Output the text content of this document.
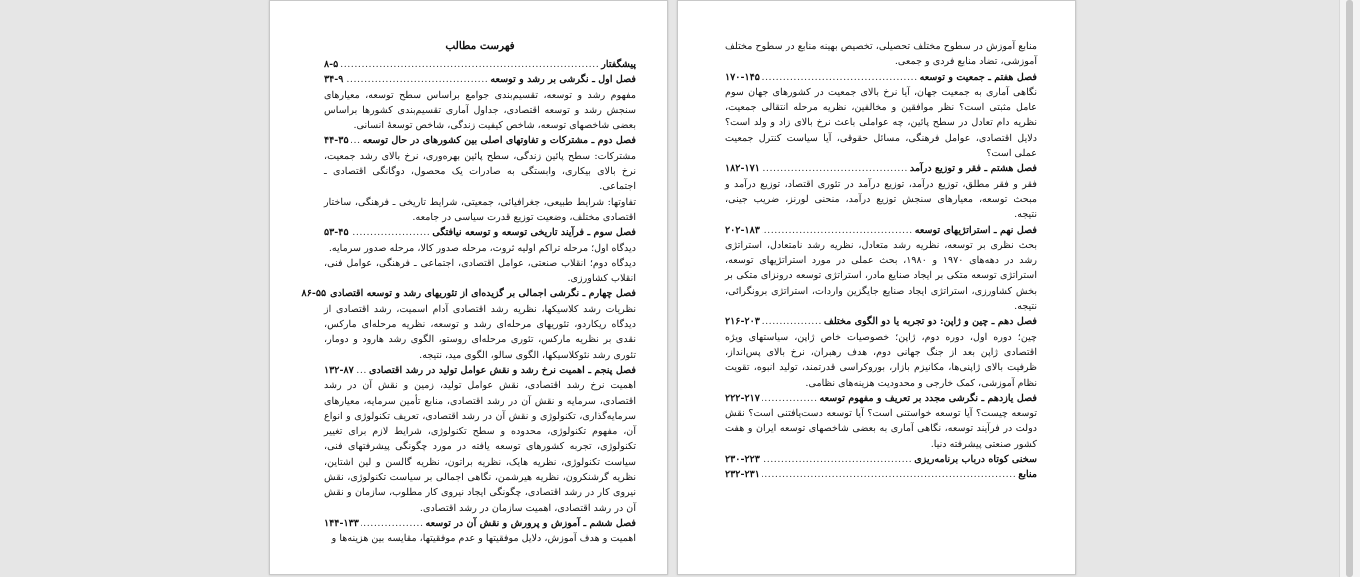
فهرست مطالب
پیشگفتار
.....
۸-۵
فصل اول ـ نگرشی بر رشد و توسعه
.....
۳۴-۹

مفهوم رشد و توسعه، تقسیم‌بندی جوامع براساس سطح توسعه، معیارهای سنجش رشد و توسعه اقتصادی، جداول آماری تقسیم‌بندی کشورها براساس بعضی شاخصهای توسعه، شاخص کیفیت زندگی، شاخص توسعهٔ انسانی.

فصل دوم ـ مشترکات و تفاوتهای اصلی بین کشورهای در حال توسعه
.....
۴۴-۳۵

مشترکات: سطح پائین زندگی، سطح پائین بهره‌وری، نرخ بالای رشد جمعیت، نرخ بالای بیکاری، وابستگی به صادرات یک محصول، دوگانگی اقتصادی ـ اجتماعی.

تفاوتها: شرایط طبیعی، جغرافیائی، جمعیتی، شرایط تاریخی ـ فرهنگی، ساختار اقتصادی مختلف، وضعیت توزیع قدرت سیاسی در جامعه.

فصل سوم ـ فرآیند تاریخی توسعه و توسعه نیافتگی
.....
۵۳-۴۵

دیدگاه اول؛ مرحله تراکم اولیه ثروت، مرحله صدور کالا، مرحله صدور سرمایه.

دیدگاه دوم؛ انقلاب صنعتی، عوامل اقتصادی، اجتماعی ـ فرهنگی، عوامل فنی، انقلاب کشاورزی.

فصل چهارم ـ نگرشی اجمالی بر گزیده‌ای از تئوریهای رشد و توسعه اقتصادی
۸۶-۵۵

نظریات رشد کلاسیکها، نظریه رشد اقتصادی آدام اسمیت، رشد اقتصادی از دیدگاه ریکاردو، تئوریهای مرحله‌ای رشد و توسعه، نظریه مرحله‌ای مارکس، نقدی بر نظریه مارکس، تئوری مرحله‌ای روستو، الگوی رشد هارود و دومار، تئوری رشد نئوکلاسیکها، الگوی سالو، الگوی مید، نتیجه.

فصل پنجم ـ اهمیت نرخ رشد و نقش عوامل تولید در رشد اقتصادی
.....
۱۳۲-۸۷

اهمیت نرخ رشد اقتصادی، نقش عوامل تولید، زمین و نقش آن در رشد اقتصادی، سرمایه و نقش آن در رشد اقتصادی، منابع تأمین سرمایه، معیارهای سرمایه‌گذاری، تکنولوژی و نقش آن در رشد اقتصادی، تعریف تکنولوژی و انواع آن، مفهوم تکنولوژی، محدوده و سطح تکنولوژی، شرایط لازم برای تغییر تکنولوژی، تجربه کشورهای توسعه یافته در مورد چگونگی پیشرفتهای فنی، سیاست تکنولوژی، نظریه هایک، نظریه براتون، نظریه گالسن و لین اشتاین، نظریه گرشنکرون، نظریه هیرشمن، نگاهی اجمالی بر سیاست تکنولوژی، نقش نیروی کار در رشد اقتصادی، چگونگی ایجاد نیروی کار مطلوب، سازمان و نقش آن در رشد اقتصادی، اهمیت سازمان در رشد اقتصادی.

فصل ششم ـ آموزش و پرورش و نقش آن در توسعه
.....
۱۴۴-۱۳۳

اهمیت و هدف آموزش، دلایل موفقیتها و عدم موفقیتها، مقایسه بین هزینه‌ها و

منابع آموزش در سطوح مختلف تحصیلی، تخصیص بهینه منابع در سطوح مختلف آموزشی، تضاد منابع فردی و جمعی.

فصل هفتم ـ جمعیت و توسعه
.....
۱۷۰-۱۴۵

نگاهی آماری به جمعیت جهان، آیا نرخ بالای جمعیت در کشورهای جهان سوم عامل مثبتی است؟ نظر موافقین و مخالفین، نظریه مرحله انتقالی جمعیت، نظریه دام تعادل در سطح پائین، چه عواملی باعث نرخ بالای زاد و ولد است؟ دلایل اقتصادی، عوامل فرهنگی، مسائل حقوقی، آیا سیاست کنترل جمعیت عملی است؟

فصل هشتم ـ فقر و توزیع درآمد
.....
۱۸۲-۱۷۱

فقر و فقر مطلق، توزیع درآمد، توزیع درآمد در تئوری اقتصاد، توزیع درآمد و مبحث توسعه، معیارهای سنجش توزیع درآمد، منحنی لورنز، ضریب جینی، نتیجه.

فصل نهم ـ استراتژیهای توسعه
.....
۲۰۲-۱۸۳

بحث نظری بر توسعه، نظریه رشد متعادل، نظریه رشد نامتعادل، استراتژی رشد در دهه‌های ۱۹۷۰ و ۱۹۸۰، بحث عملی در مورد استراتژیهای توسعه، استراتژی توسعه متکی بر ایجاد صنایع مادر، استراتژی توسعه درونزای متکی بر بخش کشاورزی، استراتژی ایجاد صنایع جایگزین واردات، استراتژی برونگرائی، نتیجه.

فصل دهم ـ چین و ژاپن: دو تجربه یا دو الگوی مختلف
.....
۲۱۶-۲۰۳

چین؛ دوره اول، دوره دوم، ژاپن؛ خصوصیات خاص ژاپن، سیاستهای ویژه اقتصادی ژاپن بعد از جنگ جهانی دوم، هدف رهبران، نرخ بالای پس‌انداز، ظرفیت بالای ژاپنی‌ها، مکانیزم بازار، بوروکراسی قدرتمند، تولید انبوه، تقویت نظام آموزشی، کمک خارجی و محدودیت هزینه‌های نظامی.

فصل یازدهم ـ نگرشی مجدد بر تعریف و مفهوم توسعه
.....
۲۲۲-۲۱۷

توسعه چیست؟ آیا توسعه خواستنی است؟ آیا توسعه دست‌یافتنی است؟ نقش دولت در فرآیند توسعه، نگاهی آماری به بعضی شاخصهای توسعه ایران و هفت کشور صنعتی پیشرفته دنیا.

سخنی کوتاه درباب برنامه‌ریزی
.....
۲۳۰-۲۲۳
منابع
.....
۲۳۲-۲۳۱
